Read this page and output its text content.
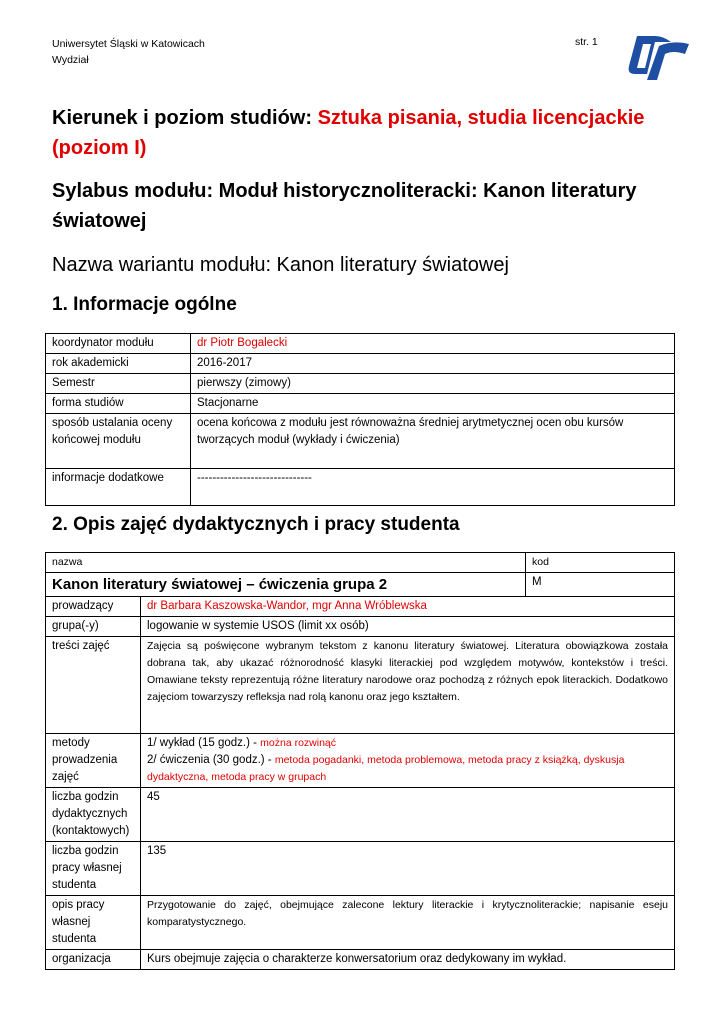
Uniwersytet Śląski w Katowicach
Wydział
str. 1
Kierunek i poziom studiów: Sztuka pisania, studia licencjackie (poziom I)
Sylabus modułu: Moduł historycznoliteracki: Kanon literatury światowej
Nazwa wariantu modułu: Kanon literatury światowej
1. Informacje ogólne
koordynator modułu	dr Piotr Bogalecki
rok akademicki	2016-2017
Semestr	pierwszy (zimowy)
forma studiów	Stacjonarne
sposób ustalania oceny końcowej modułu	ocena końcowa z modułu jest równoważna średniej arytmetycznej ocen obu kursów tworzących moduł (wykłady i ćwiczenia)
informacje dodatkowe	------------------------------
2. Opis zajęć dydaktycznych i pracy studenta
nazwa		kod
Kanon literatury światowej – ćwiczenia grupa 2		M
prowadzący	dr Barbara Kaszowska-Wandor, mgr Anna Wróblewska	
grupa(-y)	logowanie w systemie USOS (limit xx osób)	
treści zajęć	Zajęcia są poświęcone wybranym tekstom z kanonu literatury światowej. Literatura obowiązkowa została dobrana tak, aby ukazać różnorodność klasyki literackiej pod względem motywów, kontekstów i treści. Omawiane teksty reprezentują różne literatury narodowe oraz pochodzą z różnych epok literackich. Dodatkowo zajęciom towarzyszy refleksja nad rolą kanonu oraz jego kształtem.	
metody prowadzenia zajęć	1/ wykład (15 godz.) - można rozwinąć
2/ ćwiczenia (30 godz.) - metoda pogadanki, metoda problemowa, metoda pracy z książką, dyskusja dydaktyczna, metoda pracy w grupach	

liczba godzin dydaktycznych (kontaktowych)	45	
liczba godzin pracy własnej studenta	135	
opis pracy własnej studenta	Przygotowanie do zajęć, obejmujące zalecone lektury literackie i krytycznoliterackie; napisanie eseju komparatystycznego.	
organizacja	Kurs obejmuje zajęcia o charakterze konwersatorium oraz dedykowany im wykład.	
